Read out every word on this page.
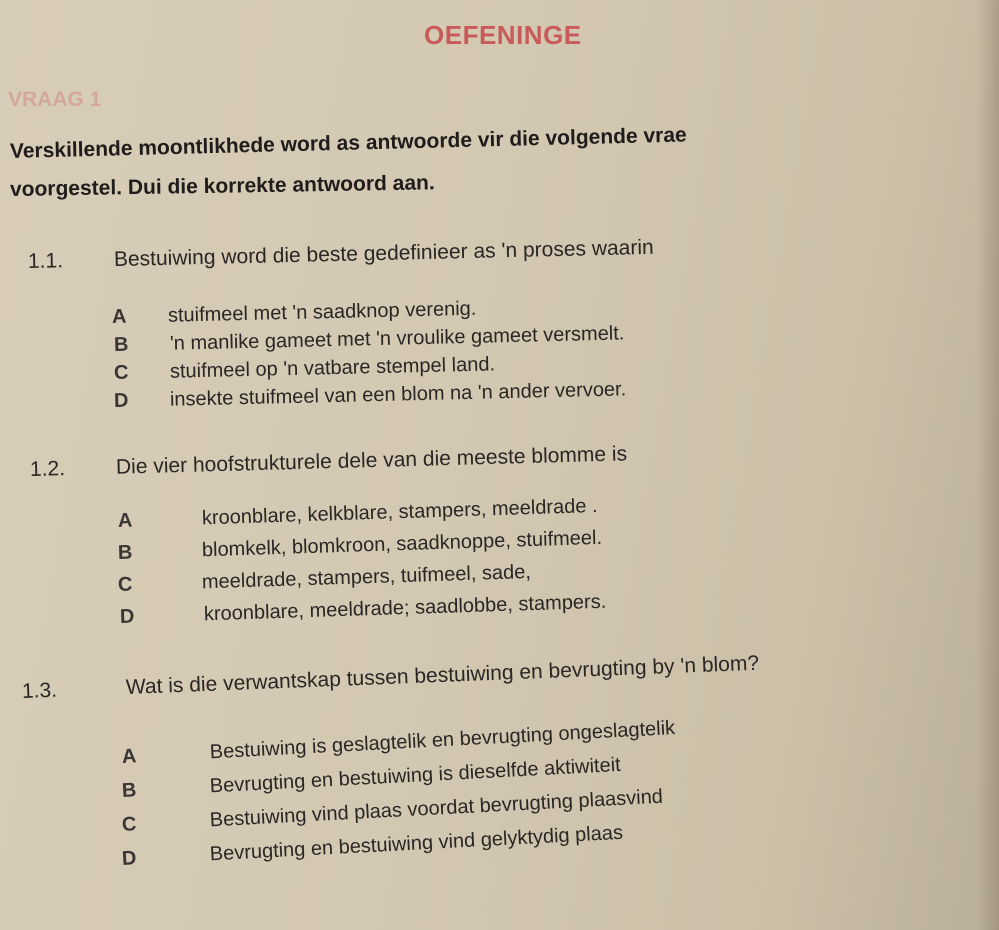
OEFENINGE
VRAAG 1
Verskillende moontlikhede word as antwoorde vir die volgende vrae
voorgestel. Dui die korrekte antwoord aan.
1.1. Bestuiwing word die beste gedefinieer as 'n proses waarin
A stuifmeel met 'n saadknop verenig.
B 'n manlike gameet met 'n vroulike gameet versmelt.
C stuifmeel op 'n vatbare stempel land.
D insekte stuifmeel van een blom na 'n ander vervoer.
1.2. Die vier hoofstrukturele dele van die meeste blomme is
A	kroonblare, kelkblare, stampers, meeldrade .
B	blomkelk, blomkroon, saadknoppe, stuifmeel.
C	meeldrade, stampers, tuifmeel, sade,
D	kroonblare, meeldrade; saadlobbe, stampers.
1.3.	Wat is die verwantskap tussen bestuiwing en bevrugting by 'n blom?
A	Bestuiwing is geslagtelik en bevrugting ongeslagtelik
B	Bevrugting en bestuiwing is dieselfde aktiwiteit
C	Bestuiwing vind plaas voordat bevrugting plaasvind
D	Bevrugting en bestuiwing vind gelyktydig plaas
